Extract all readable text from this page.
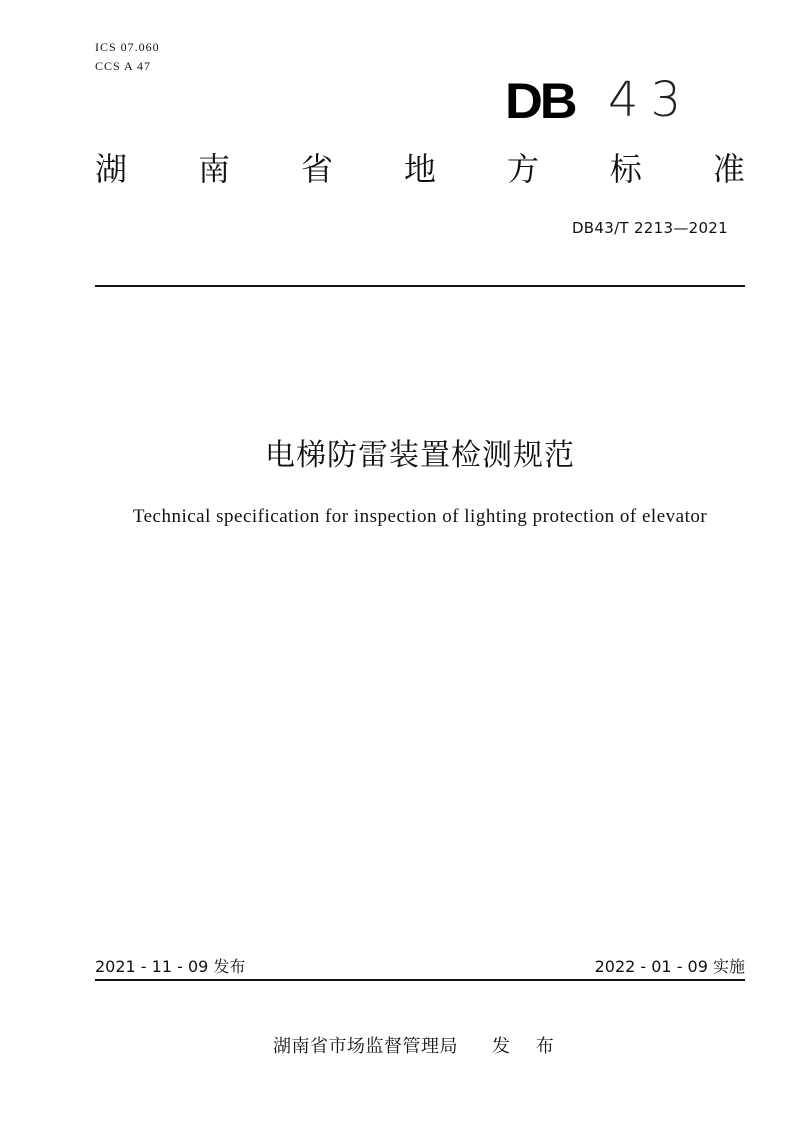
ICS 07.060
CCS A 47
DB 43
湖 南 省 地 方 标 准
DB43/T 2213—2021
电梯防雷装置检测规范
Technical specification for inspection of lighting protection of elevator
2021 - 11 - 09 发布	2022 - 01 - 09 实施
湖南省市场监督管理局 发 布
